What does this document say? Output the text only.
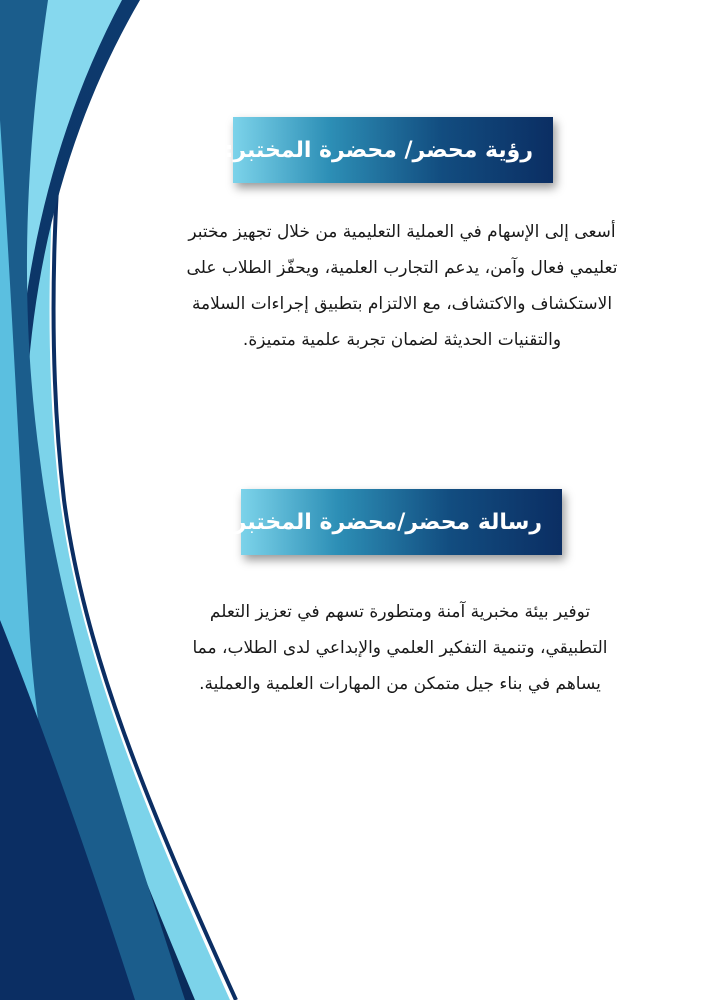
رؤية محضر/ محضرة المختبر:

أسعى إلى الإسهام في العملية التعليمية من خلال تجهيز مختبر تعليمي فعال وآمن، يدعم التجارب العلمية، ويحفّز الطلاب على الاستكشاف والاكتشاف، مع الالتزام بتطبيق إجراءات السلامة والتقنيات الحديثة لضمان تجربة علمية متميزة.

رسالة محضر/محضرة المختبر:

توفير بيئة مخبرية آمنة ومتطورة تسهم في تعزيز التعلم التطبيقي، وتنمية التفكير العلمي والإبداعي لدى الطلاب، مما يساهم في بناء جيل متمكن من المهارات العلمية والعملية.
